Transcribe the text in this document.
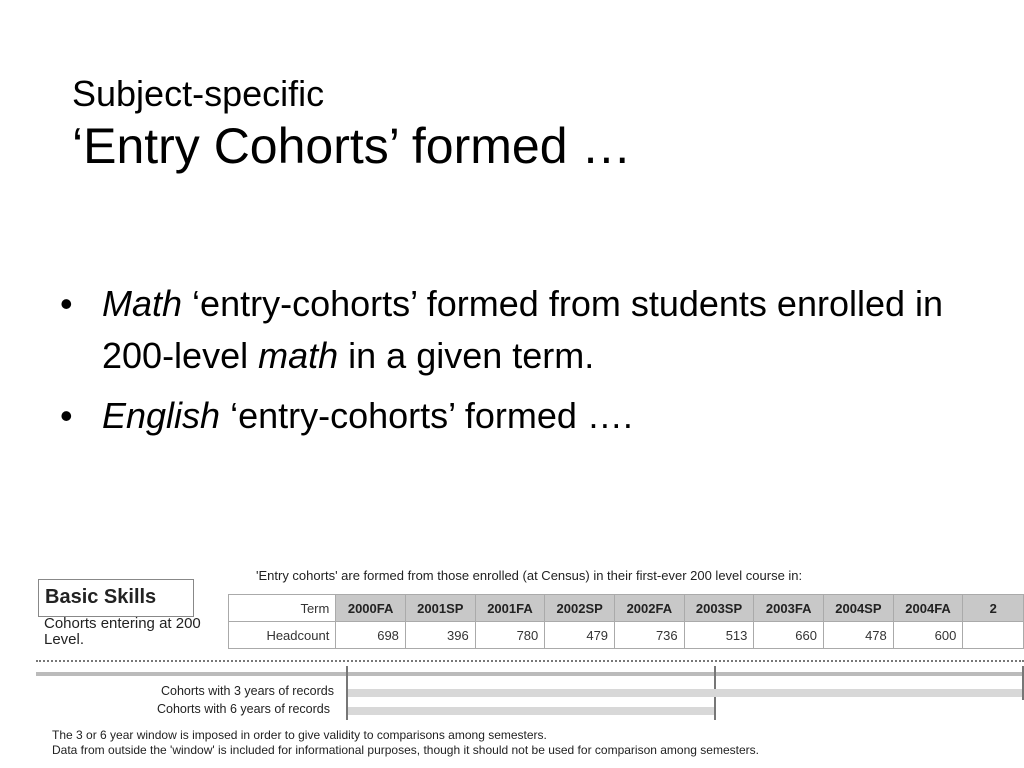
Subject-specific
‘Entry Cohorts’ formed …
• Math ‘entry-cohorts’ formed from students enrolled in 200-level math in a given term.
• English ‘entry-cohorts’ formed ….
'Entry cohorts' are formed from those enrolled (at Census) in their first-ever 200 level course in:
Basic Skills
Cohorts entering at 200 Level.
Term	2000FA	2001SP	2001FA	2002SP	2002FA	2003SP	2003FA	2004SP	2004FA	2
Headcount	698	396	780	479	736	513	660	478	600	
Cohorts with 3 years of records
Cohorts with 6 years of records
The 3 or 6 year window is imposed in order to give validity to comparisons among semesters.
Data from outside the 'window' is included for informational purposes, though it should not be used for comparison among semesters.
